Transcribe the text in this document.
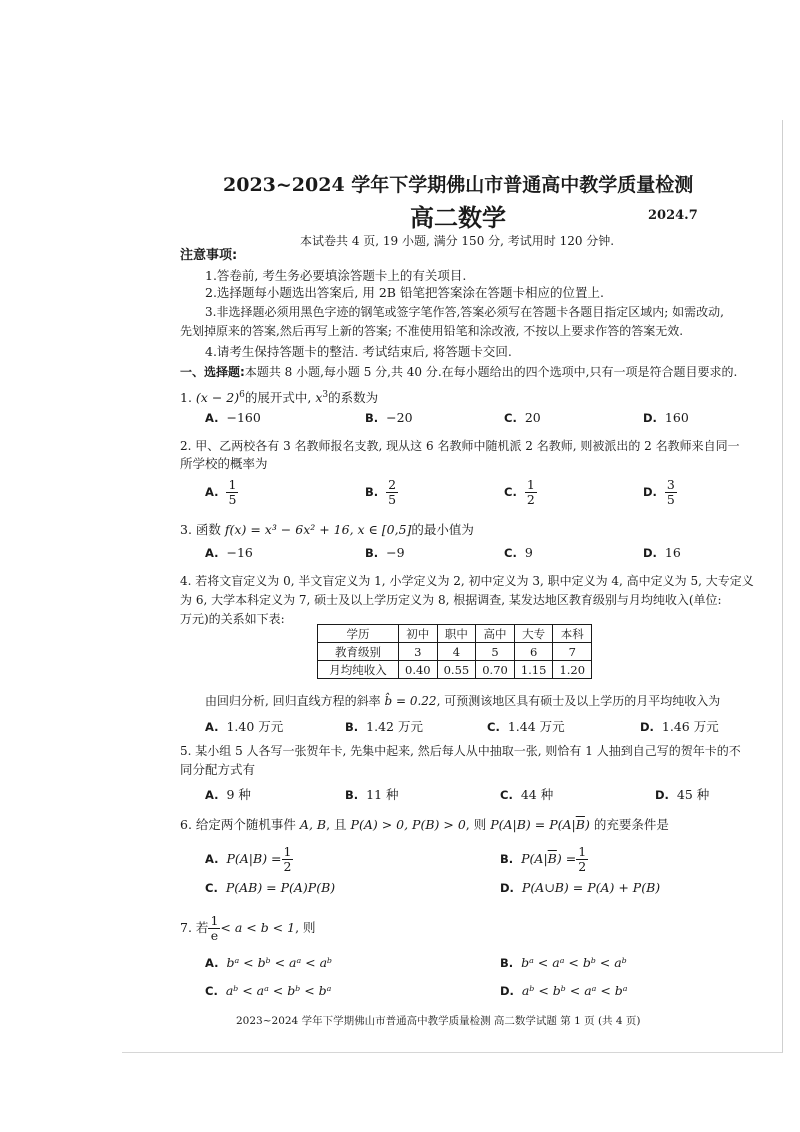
2023~2024 学年下学期佛山市普通高中教学质量检测
高二数学	2024.7
本试卷共 4 页, 19 小题, 满分 150 分, 考试用时 120 分钟.
注意事项:
1.答卷前, 考生务必要填涂答题卡上的有关项目.
2.选择题每小题选出答案后, 用 2B 铅笔把答案涂在答题卡相应的位置上.
3.非选择题必须用黑色字迹的钢笔或签字笔作答,答案必须写在答题卡各题目指定区域内; 如需改动,
先划掉原来的答案,然后再写上新的答案; 不准使用铅笔和涂改液, 不按以上要求作答的答案无效.
4.请考生保持答题卡的整洁. 考试结束后, 将答题卡交回.
一、选择题:本题共 8 小题,每小题 5 分,共 40 分.在每小题给出的四个选项中,只有一项是符合题目要求的.
1. $(x - 2)^6$的展开式中, $x^3$的系数为
A. −160	B. −20	C. 20	D. 160
2. 甲、乙两校各有 3 名教师报名支教, 现从这 6 名教师中随机派 2 名教师, 则被派出的 2 名教师来自同一
所学校的概率为
A. $\frac{1}{5}$	B. $\frac{2}{5}$	C. $\frac{1}{2}$	D. $\frac{3}{5}$
3. 函数 f(x) = x³ − 6x² + 16, x ∈ [0,5]的最小值为
A. −16	B. −9	C. 9	D. 16
4. 若将文盲定义为 0, 半文盲定义为 1, 小学定义为 2, 初中定义为 3, 职中定义为 4, 高中定义为 5, 大专定义
为 6, 大学本科定义为 7, 硕士及以上学历定义为 8, 根据调查, 某发达地区教育级别与月均纯收入(单位:
万元)的关系如下表:
学历	初中	职中	高中	大专	本科
教育级别	3	4	5	6	7
月均纯收入	0.40	0.55	0.70	1.15	1.20
由回归分析, 回归直线方程的斜率 b̂ = 0.22, 可预测该地区具有硕士及以上学历的月平均纯收入为
A. 1.40 万元	B. 1.42 万元	C. 1.44 万元	D. 1.46 万元
5. 某小组 5 人各写一张贺年卡, 先集中起来, 然后每人从中抽取一张, 则恰有 1 人抽到自己写的贺年卡的不
同分配方式有
A. 9 种	B. 11 种	C. 44 种	D. 45 种
6. 给定两个随机事件 A, B, 且 P(A) > 0, P(B) > 0, 则 $P(A|B) = P(A|\overline{B})$ 的充要条件是
A. $P(A|B) = \frac{1}{2}$	B. $P(A|\overline{B}) = \frac{1}{2}$
C. P(AB) = P(A)P(B)	D. P(A∪B) = P(A) + P(B)
7. 若 $\frac{1}{e} < a < b < 1$, 则
A. bᵃ < bᵇ < aᵃ < aᵇ	B. bᵃ < aᵃ < bᵇ < aᵇ
C. aᵇ < aᵃ < bᵇ < bᵃ	D. aᵇ < bᵇ < aᵃ < bᵃ
2023~2024 学年下学期佛山市普通高中教学质量检测 高二数学试题 第 1 页 (共 4 页)
